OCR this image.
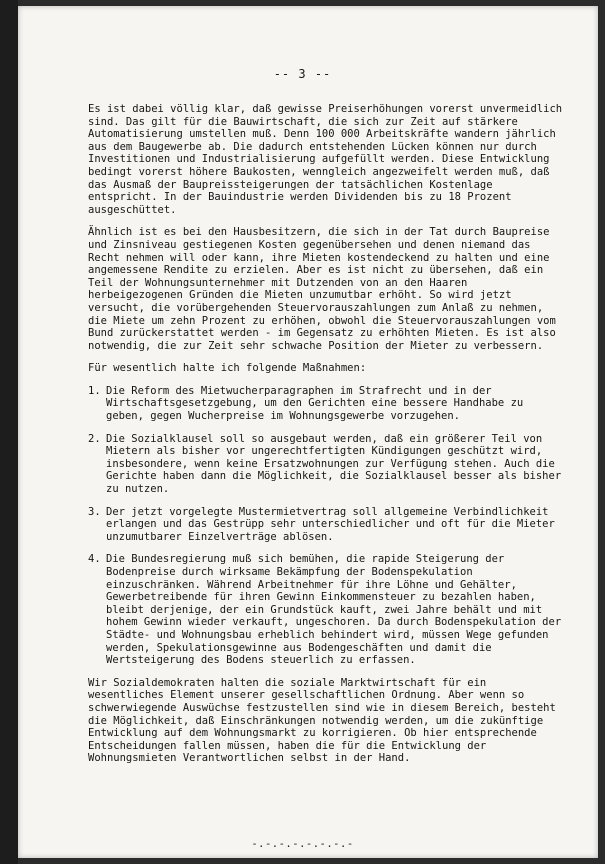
-- 3 --

Es ist dabei völlig klar, daß gewisse Preiserhöhungen vorerst unvermeidlich sind. Das gilt für die Bauwirtschaft, die sich zur Zeit auf stärkere Automatisierung umstellen muß. Denn 100 000 Arbeitskräfte wandern jährlich aus dem Baugewerbe ab. Die dadurch entstehenden Lücken können nur durch Investitionen und Industrialisierung aufgefüllt werden. Diese Entwicklung bedingt vorerst höhere Baukosten, wenngleich angezweifelt werden muß, daß das Ausmaß der Baupreissteigerungen der tatsächlichen Kostenlage entspricht. In der Bauindustrie werden Dividenden bis zu 18 Prozent ausgeschüttet.

Ähnlich ist es bei den Hausbesitzern, die sich in der Tat durch Baupreise und Zinsniveau gestiegenen Kosten gegenübersehen und denen niemand das Recht nehmen will oder kann, ihre Mieten kostendeckend zu halten und eine angemessene Rendite zu erzielen. Aber es ist nicht zu übersehen, daß ein Teil der Wohnungsunternehmer mit Dutzenden von an den Haaren herbeigezogenen Gründen die Mieten unzumutbar erhöht. So wird jetzt versucht, die vorübergehenden Steuervorauszahlungen zum Anlaß zu nehmen, die Miete um zehn Prozent zu erhöhen, obwohl die Steuervorauszahlungen vom Bund zurückerstattet werden - im Gegensatz zu erhöhten Mieten. Es ist also notwendig, die zur Zeit sehr schwache Position der Mieter zu verbessern.

Für wesentlich halte ich folgende Maßnahmen:

1. Die Reform des Mietwucherparagraphen im Strafrecht und in der Wirtschaftsgesetzgebung, um den Gerichten eine bessere Handhabe zu geben, gegen Wucherpreise im Wohnungsgewerbe vorzugehen.
2. Die Sozialklausel soll so ausgebaut werden, daß ein größerer Teil von Mietern als bisher vor ungerechtfertigten Kündigungen geschützt wird, insbesondere, wenn keine Ersatzwohnungen zur Verfügung stehen. Auch die Gerichte haben dann die Möglichkeit, die Sozialklausel besser als bisher zu nutzen.
3. Der jetzt vorgelegte Mustermietvertrag soll allgemeine Verbindlichkeit erlangen und das Gestrüpp sehr unterschiedlicher und oft für die Mieter unzumutbarer Einzelverträge ablösen.
4. Die Bundesregierung muß sich bemühen, die rapide Steigerung der Bodenpreise durch wirksame Bekämpfung der Bodenspekulation einzuschränken. Während Arbeitnehmer für ihre Löhne und Gehälter, Gewerbetreibende für ihren Gewinn Einkommensteuer zu bezahlen haben, bleibt derjenige, der ein Grundstück kauft, zwei Jahre behält und mit hohem Gewinn wieder verkauft, ungeschoren. Da durch Bodenspekulation der Städte- und Wohnungsbau erheblich behindert wird, müssen Wege gefunden werden, Spekulationsgewinne aus Bodengeschäften und damit die Wertsteigerung des Bodens steuerlich zu erfassen.

Wir Sozialdemokraten halten die soziale Marktwirtschaft für ein wesentliches Element unserer gesellschaftlichen Ordnung. Aber wenn so schwerwiegende Auswüchse festzustellen sind wie in diesem Bereich, besteht die Möglichkeit, daß Einschränkungen notwendig werden, um die zukünftige Entwicklung auf dem Wohnungsmarkt zu korrigieren. Ob hier entsprechende Entscheidungen fallen müssen, haben die für die Entwicklung der Wohnungsmieten Verantwortlichen selbst in der Hand.

-.-.-.-.-.-.-.-
